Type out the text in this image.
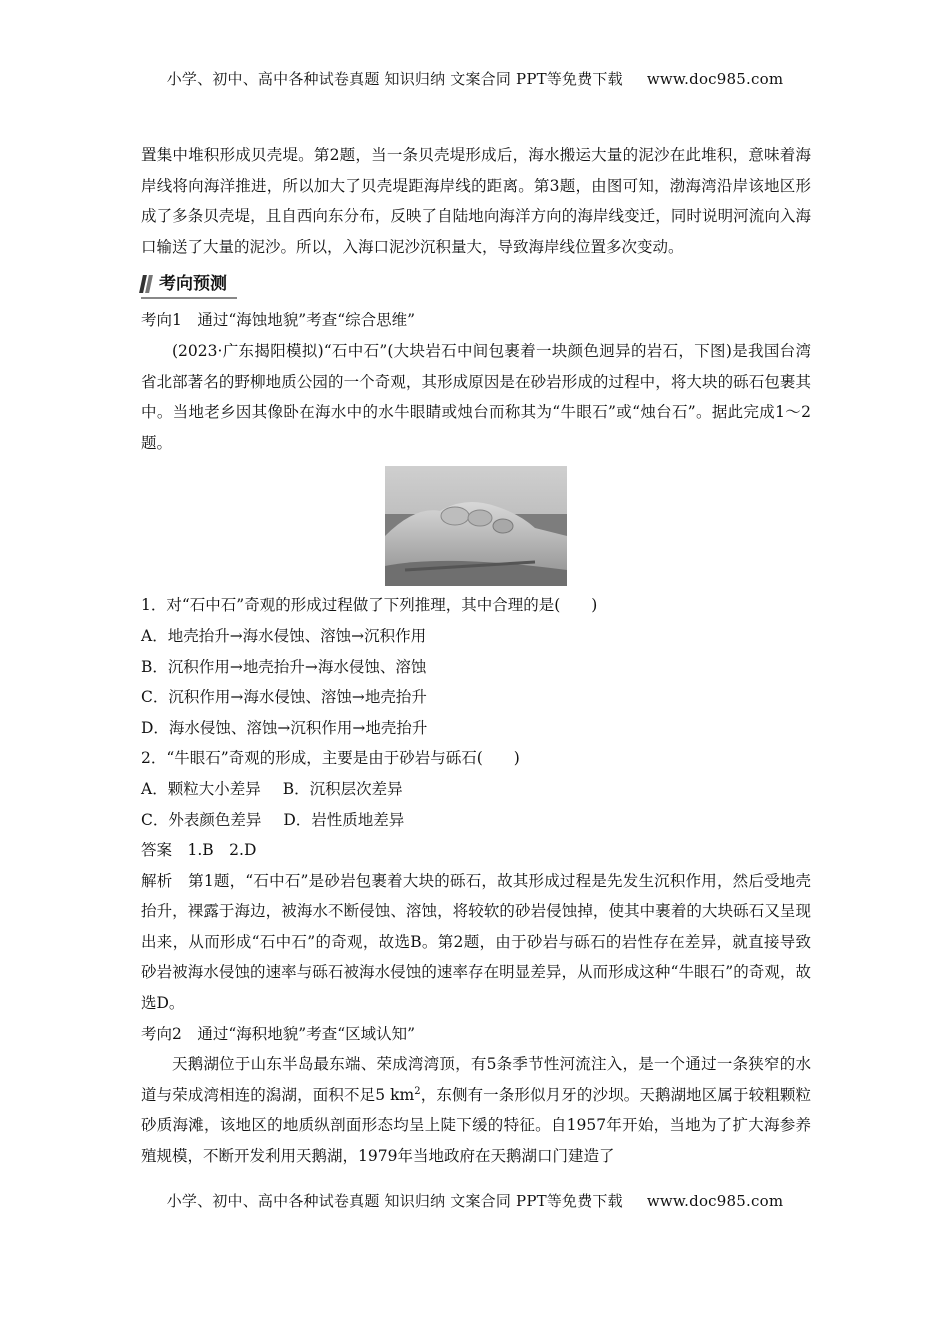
小学、初中、高中各种试卷真题 知识归纳 文案合同 PPT等免费下载 www.doc985.com

置集中堆积形成贝壳堤。第2题，当一条贝壳堤形成后，海水搬运大量的泥沙在此堆积，意味着海岸线将向海洋推进，所以加大了贝壳堤距海岸线的距离。第3题，由图可知，渤海湾沿岸该地区形成了多条贝壳堤，且自西向东分布，反映了自陆地向海洋方向的海岸线变迁，同时说明河流向入海口输送了大量的泥沙。所以，入海口泥沙沉积量大，导致海岸线位置多次变动。

考向预测

考向1　通过“海蚀地貌”考查“综合思维”

(2023·广东揭阳模拟)“石中石”(大块岩石中间包裹着一块颜色迥异的岩石，下图)是我国台湾省北部著名的野柳地质公园的一个奇观，其形成原因是在砂岩形成的过程中，将大块的砾石包裹其中。当地老乡因其像卧在海水中的水牛眼睛或烛台而称其为“牛眼石”或“烛台石”。据此完成1～2题。

1．对“石中石”奇观的形成过程做了下列推理，其中合理的是(　　)

A．地壳抬升→海水侵蚀、溶蚀→沉积作用

B．沉积作用→地壳抬升→海水侵蚀、溶蚀

C．沉积作用→海水侵蚀、溶蚀→地壳抬升

D．海水侵蚀、溶蚀→沉积作用→地壳抬升

2．“牛眼石”奇观的形成，主要是由于砂岩与砾石(　　)

A．颗粒大小差异 B．沉积层次差异

C．外表颜色差异 D．岩性质地差异

答案　1.B　2.D

解析　第1题，“石中石”是砂岩包裹着大块的砾石，故其形成过程是先发生沉积作用，然后受地壳抬升，裸露于海边，被海水不断侵蚀、溶蚀，将较软的砂岩侵蚀掉，使其中裹着的大块砾石又呈现出来，从而形成“石中石”的奇观，故选B。第2题，由于砂岩与砾石的岩性存在差异，就直接导致砂岩被海水侵蚀的速率与砾石被海水侵蚀的速率存在明显差异，从而形成这种“牛眼石”的奇观，故选D。

考向2　通过“海积地貌”考查“区域认知”

天鹅湖位于山东半岛最东端、荣成湾湾顶，有5条季节性河流注入，是一个通过一条狭窄的水道与荣成湾相连的潟湖，面积不足5 $km^2$，东侧有一条形似月牙的沙坝。天鹅湖地区属于较粗颗粒砂质海滩，该地区的地质纵剖面形态均呈上陡下缓的特征。自1957年开始，当地为了扩大海参养殖规模，不断开发利用天鹅湖，1979年当地政府在天鹅湖口门建造了

小学、初中、高中各种试卷真题 知识归纳 文案合同 PPT等免费下载 www.doc985.com
